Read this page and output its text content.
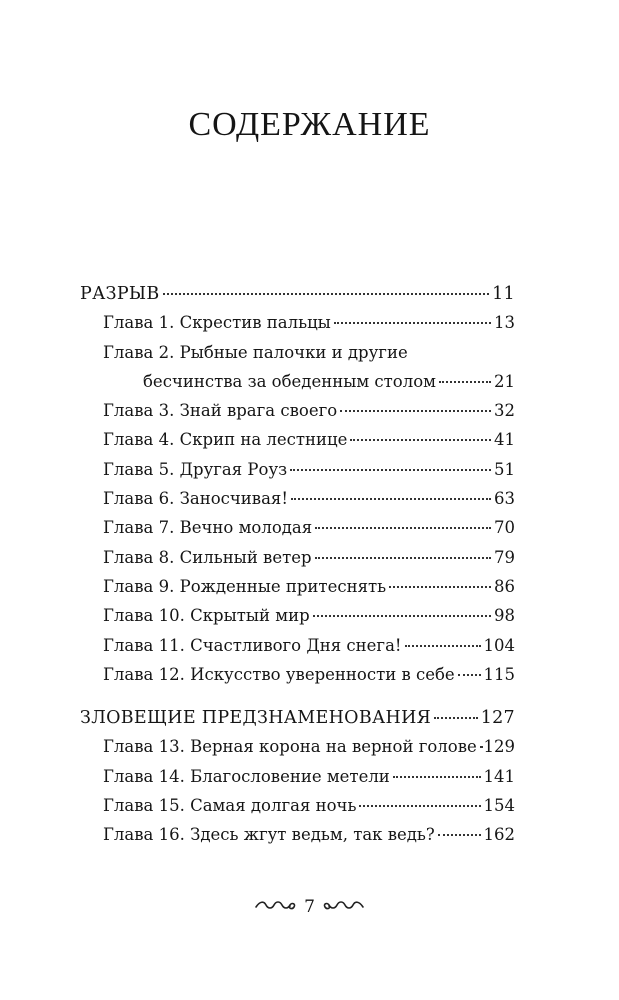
СОДЕРЖАНИЕ
РАЗРЫВ	11
Глава 1. Скрестив пальцы	13
Глава 2. Рыбные палочки и другие
бесчинства за обеденным столом	21
Глава 3. Знай врага своего	32
Глава 4. Скрип на лестнице	41
Глава 5. Другая Роуз	51
Глава 6. Заносчивая!	63
Глава 7. Вечно молодая	70
Глава 8. Сильный ветер	79
Глава 9. Рожденные притеснять	86
Глава 10. Скрытый мир	98
Глава 11. Счастливого Дня снега!	104
Глава 12. Искусство уверенности в себе 115
ЗЛОВЕЩИЕ ПРЕДЗНАМЕНОВАНИЯ	127
Глава 13. Верная корона на верной голове 129
Глава 14. Благословение метели	141
Глава 15. Самая долгая ночь	154
Глава 16. Здесь жгут ведьм, так ведь?	162
7
